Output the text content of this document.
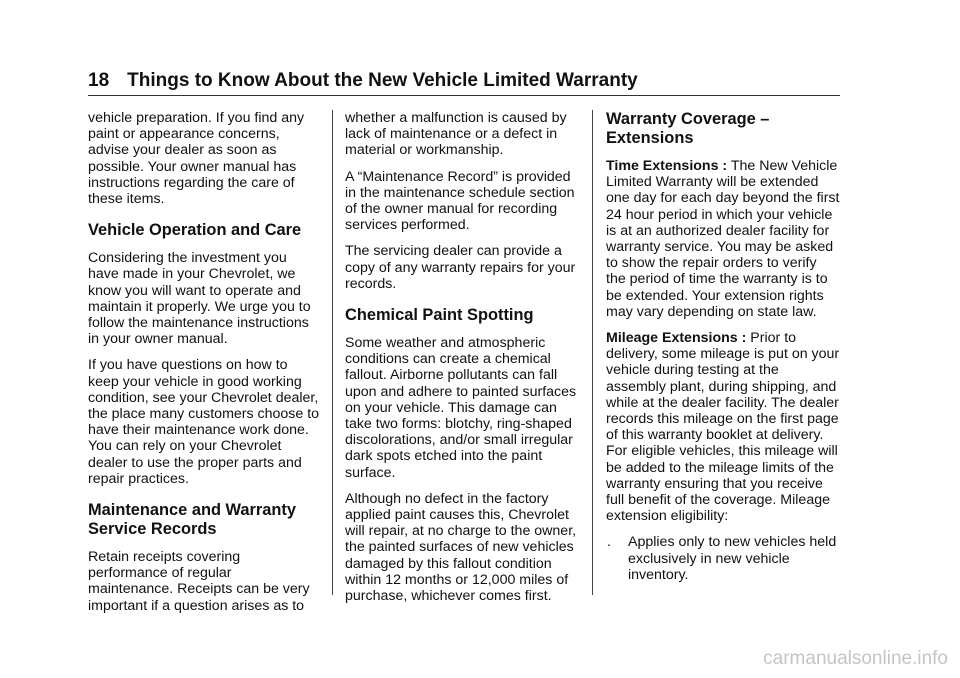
18 Things to Know About the New Vehicle Limited Warranty

vehicle preparation. If you find any paint or appearance concerns, advise your dealer as soon as possible. Your owner manual has instructions regarding the care of these items.

Vehicle Operation and Care

Considering the investment you have made in your Chevrolet, we know you will want to operate and maintain it properly. We urge you to follow the maintenance instructions in your owner manual.

If you have questions on how to keep your vehicle in good working condition, see your Chevrolet dealer, the place many customers choose to have their maintenance work done. You can rely on your Chevrolet dealer to use the proper parts and repair practices.

Maintenance and Warranty Service Records

Retain receipts covering performance of regular maintenance. Receipts can be very important if a question arises as to

whether a malfunction is caused by lack of maintenance or a defect in material or workmanship.

A “Maintenance Record” is provided in the maintenance schedule section of the owner manual for recording services performed.

The servicing dealer can provide a copy of any warranty repairs for your records.

Chemical Paint Spotting

Some weather and atmospheric conditions can create a chemical fallout. Airborne pollutants can fall upon and adhere to painted surfaces on your vehicle. This damage can take two forms: blotchy, ring-shaped discolorations, and/or small irregular dark spots etched into the paint surface.

Although no defect in the factory applied paint causes this, Chevrolet will repair, at no charge to the owner, the painted surfaces of new vehicles damaged by this fallout condition within 12 months or 12,000 miles of purchase, whichever comes first.

Warranty Coverage – Extensions

Time Extensions : The New Vehicle Limited Warranty will be extended one day for each day beyond the first 24 hour period in which your vehicle is at an authorized dealer facility for warranty service. You may be asked to show the repair orders to verify the period of time the warranty is to be extended. Your extension rights may vary depending on state law.

Mileage Extensions : Prior to delivery, some mileage is put on your vehicle during testing at the assembly plant, during shipping, and while at the dealer facility. The dealer records this mileage on the first page of this warranty booklet at delivery. For eligible vehicles, this mileage will be added to the mileage limits of the warranty ensuring that you receive full benefit of the coverage. Mileage extension eligibility:

. Applies only to new vehicles held exclusively in new vehicle inventory.

carmanualsonline.info
